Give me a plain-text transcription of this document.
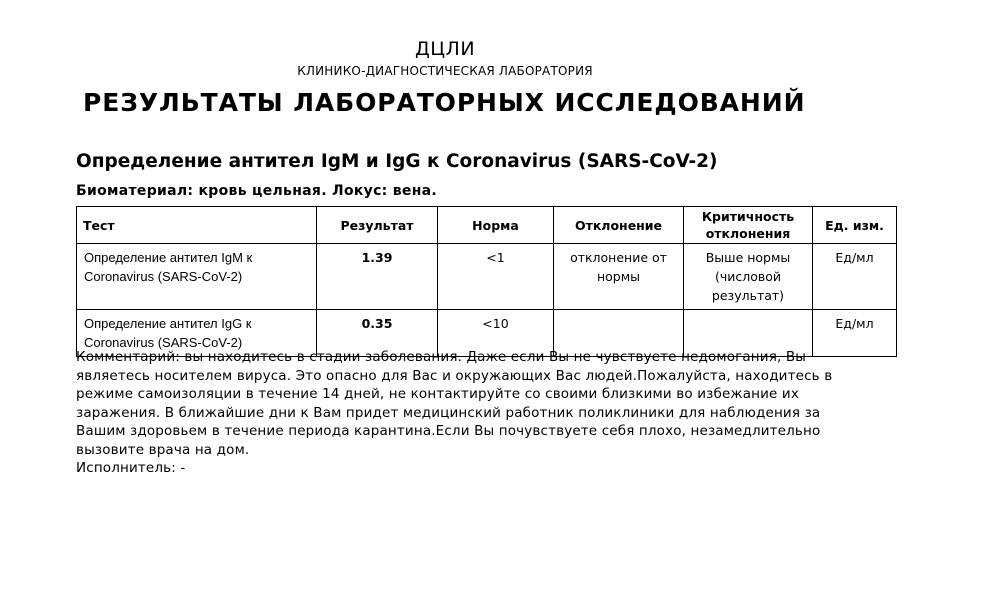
ДЦЛИ
КЛИНИКО-ДИАГНОСТИЧЕСКАЯ ЛАБОРАТОРИЯ
РЕЗУЛЬТАТЫ ЛАБОРАТОРНЫХ ИССЛЕДОВАНИЙ
Определение антител IgM и IgG к Coronavirus (SARS-CoV-2)
Биоматериал: кровь цельная. Локус: вена.
Тест	Результат	Норма	Отклонение	Критичность отклонения	Ед. изм.
Определение антител IgM к Coronavirus (SARS-CoV-2)	1.39	<1	отклонение от нормы	Выше нормы (числовой результат)	Ед/мл
Определение антител IgG к Coronavirus (SARS-CoV-2)	0.35	<10			Ед/мл
Комментарий: вы находитесь в стадии заболевания. Даже если Вы не чувствуете недомогания, Вы являетесь носителем вируса. Это опасно для Вас и окружающих Вас людей.Пожалуйста, находитесь в режиме самоизоляции в течение 14 дней, не контактируйте со своими близкими во избежание их заражения. В ближайшие дни к Вам придет медицинский работник поликлиники для наблюдения за Вашим здоровьем в течение периода карантина.Если Вы почувствуете себя плохо, незамедлительно вызовите врача на дом.
Исполнитель: -
